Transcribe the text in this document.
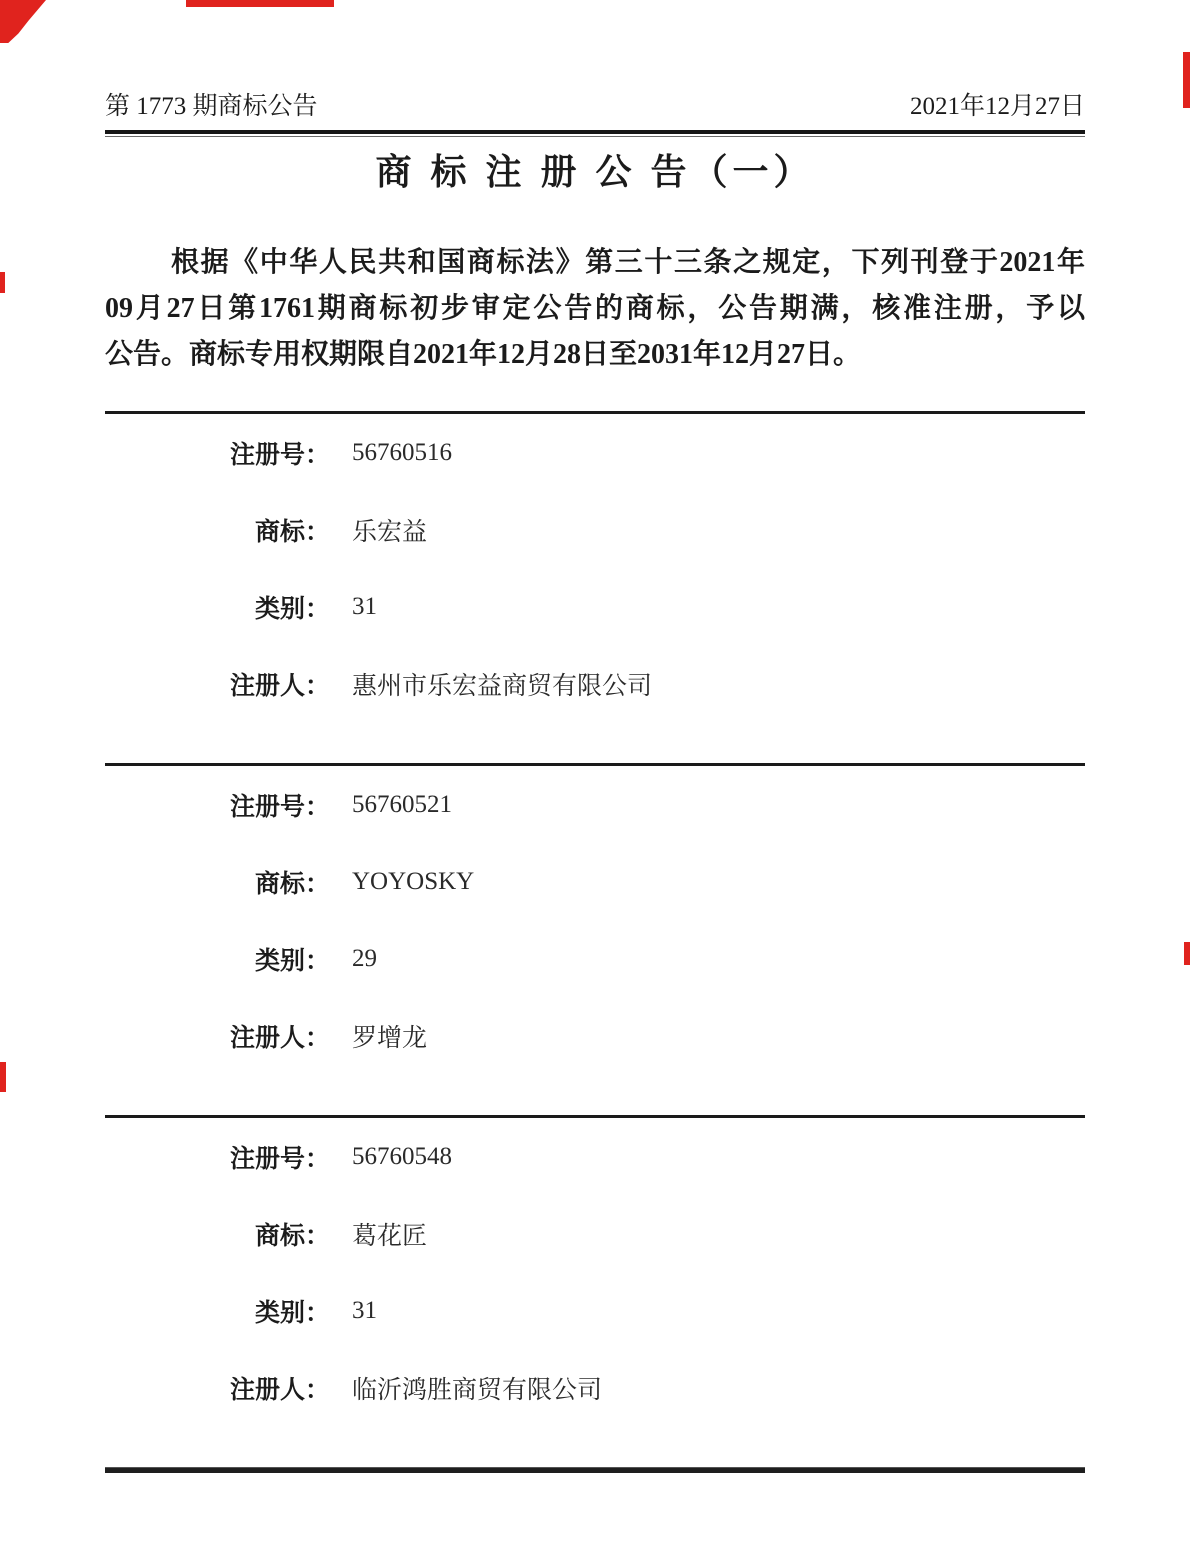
第 1773 期商标公告	2021年12月27日
商 标 注 册 公 告（一）
根据《中华人民共和国商标法》第三十三条之规定，下列刊登于2021年
09月27日第1761期商标初步审定公告的商标，公告期满，核准注册，予以
公告。商标专用权期限自2021年12月28日至2031年12月27日。
注册号： 56760516
商标： 乐宏益
类别： 31
注册人： 惠州市乐宏益商贸有限公司
注册号： 56760521
商标： YOYOSKY
类别： 29
注册人： 罗增龙
注册号： 56760548
商标： 葛花匠
类别： 31
注册人： 临沂鸿胜商贸有限公司
